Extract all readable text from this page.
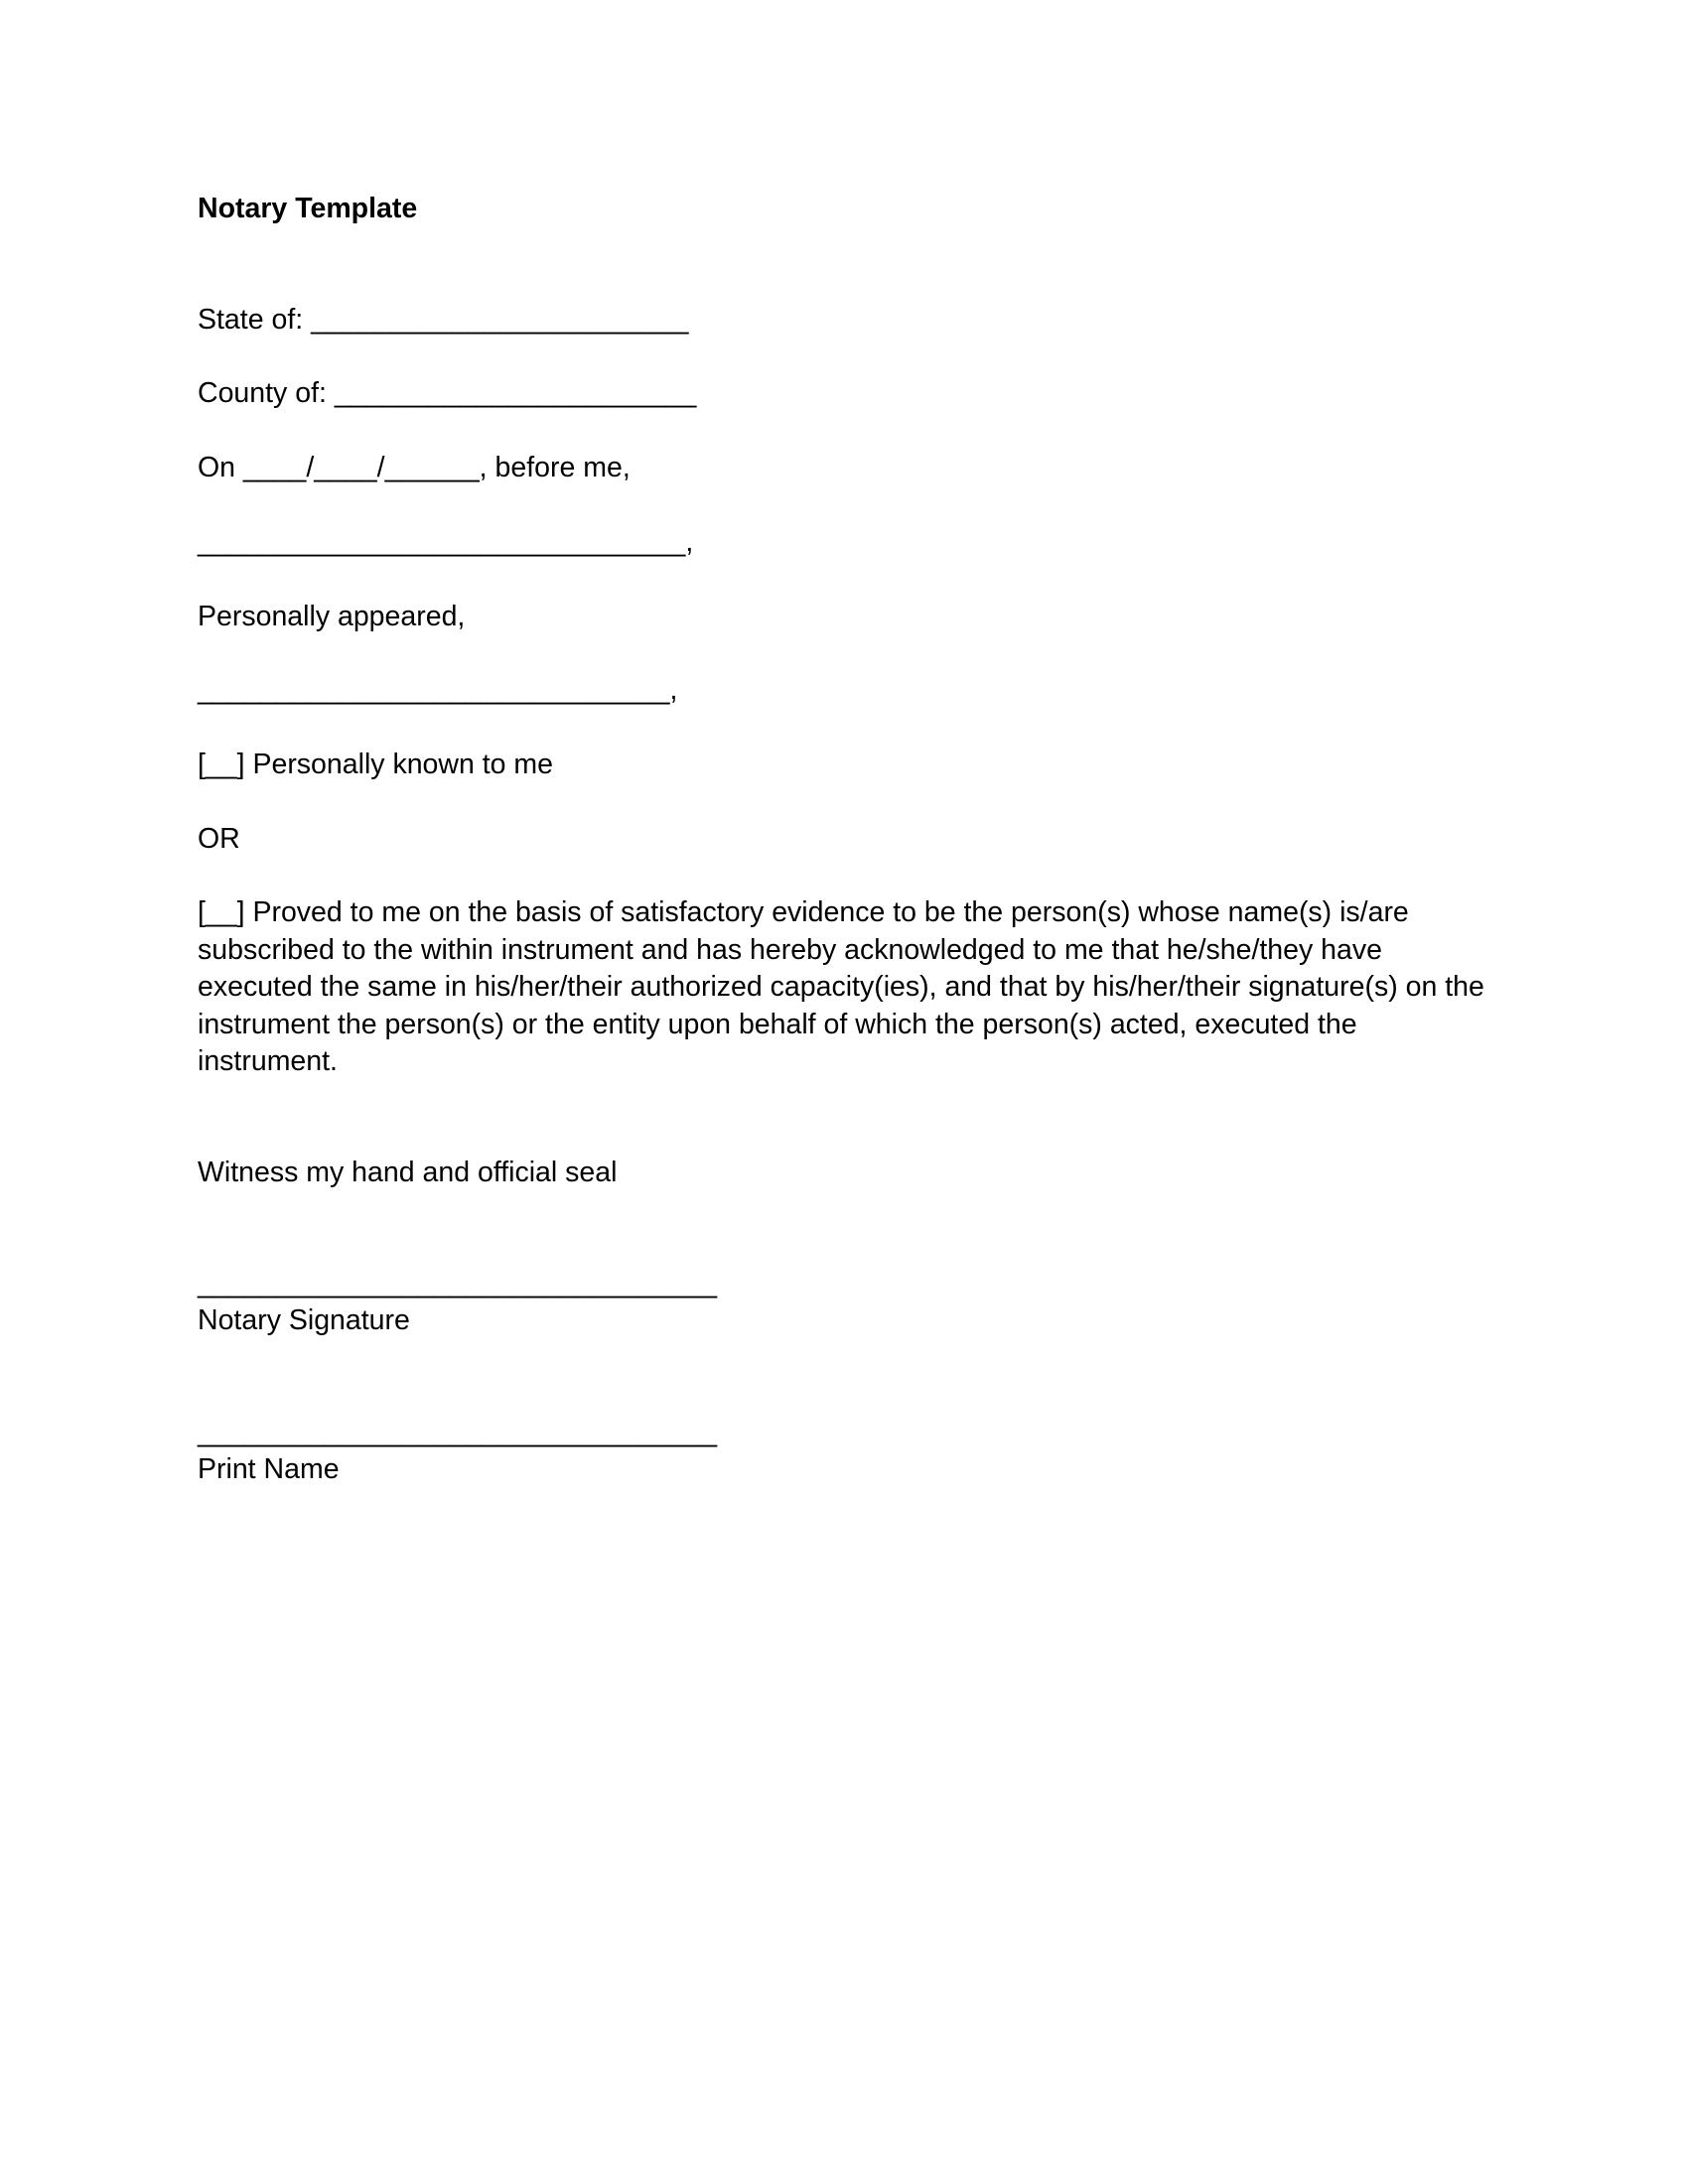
Notary Template
State of: ________________________
County of: _______________________
On ____/____/______, before me,
_______________________________,
Personally appeared,
______________________________,
[__] Personally known to me
OR
[__] Proved to me on the basis of satisfactory evidence to be the person(s) whose name(s) is/are
subscribed to the within instrument and has hereby acknowledged to me that he/she/they have
executed the same in his/her/their authorized capacity(ies), and that by his/her/their signature(s) on the
instrument the person(s) or the entity upon behalf of which the person(s) acted, executed the
instrument.
Witness my hand and official seal
_________________________________
Notary Signature
_________________________________
Print Name
